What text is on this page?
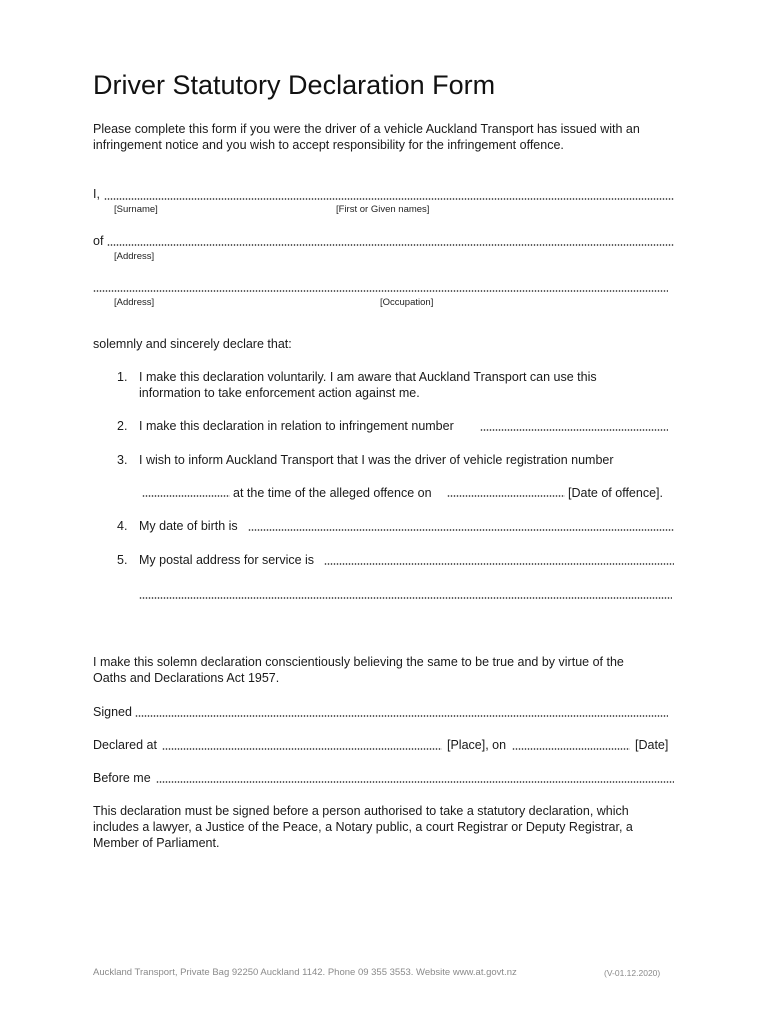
Driver Statutory Declaration Form
Please complete this form if you were the driver of a vehicle Auckland Transport has issued with an
infringement notice and you wish to accept responsibility for the infringement offence.
I,
[Surname]	[First or Given names]
of
[Address]
[Address]	[Occupation]
solemnly and sincerely declare that:
1. I make this declaration voluntarily. I am aware that Auckland Transport can use this
information to take enforcement action against me.
2. I make this declaration in relation to infringement number
3. I wish to inform Auckland Transport that I was the driver of vehicle registration number
at the time of the alleged offence on	[Date of offence].
4. My date of birth is
5. My postal address for service is
I make this solemn declaration conscientiously believing the same to be true and by virtue of the
Oaths and Declarations Act 1957.
Signed
Declared at	[Place], on	[Date]
Before me
This declaration must be signed before a person authorised to take a statutory declaration, which
includes a lawyer, a Justice of the Peace, a Notary public, a court Registrar or Deputy Registrar, a
Member of Parliament.
Auckland Transport, Private Bag 92250 Auckland 1142. Phone 09 355 3553. Website www.at.govt.nz	(V-01.12.2020)
